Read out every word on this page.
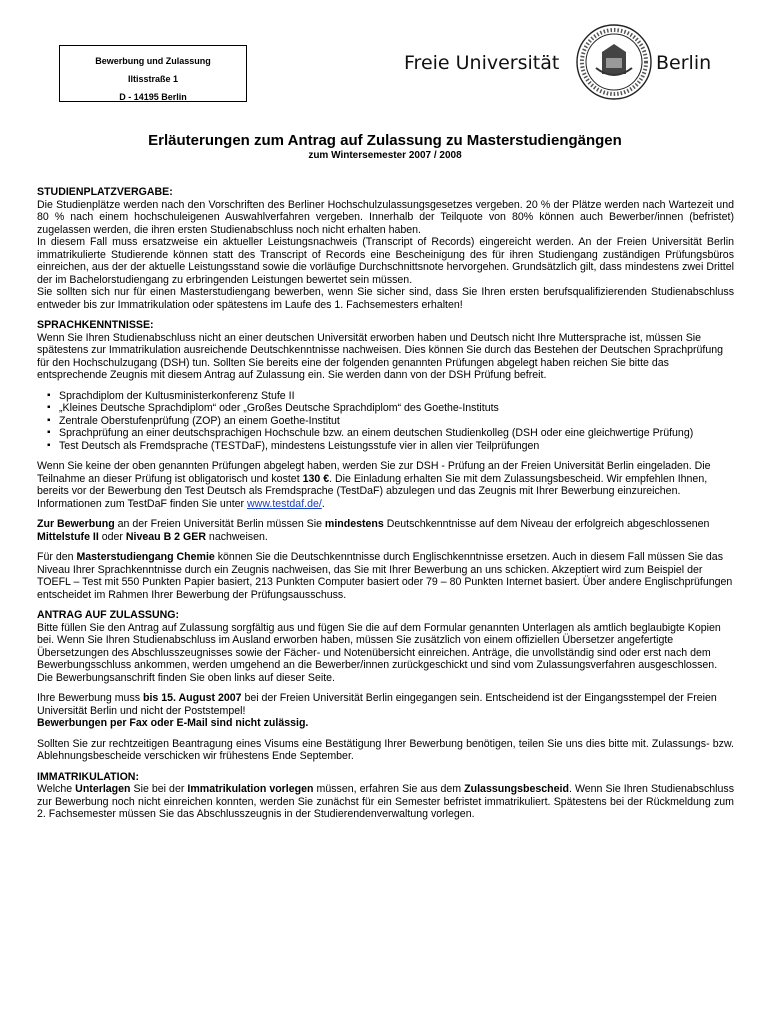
Bewerbung und Zulassung
Iltisstraße 1
D - 14195 Berlin
Freie Universität	Berlin
Erläuterungen zum Antrag auf Zulassung zu Masterstudiengängen
zum Wintersemester 2007 / 2008

STUDIENPLATZVERGABE:
Die Studienplätze werden nach den Vorschriften des Berliner Hochschulzulassungsgesetzes vergeben. 20 % der Plätze werden nach Wartezeit und 80 % nach einem hochschuleigenen Auswahlverfahren vergeben. Innerhalb der Teilquote von 80% können auch Bewerber/innen (befristet) zugelassen werden, die ihren ersten Studienabschluss noch nicht erhalten haben.
In diesem Fall muss ersatzweise ein aktueller Leistungsnachweis (Transcript of Records) eingereicht werden. An der Freien Universität Berlin immatrikulierte Studierende können statt des Transcript of Records eine Bescheinigung des für ihren Studiengang zuständigen Prüfungsbüros einreichen, aus der der aktuelle Leistungsstand sowie die vorläufige Durchschnittsnote hervorgehen. Grundsätzlich gilt, dass mindestens zwei Drittel der im Bachelorstudiengang zu erbringenden Leistungen bewertet sein müssen.
Sie sollten sich nur für einen Masterstudiengang bewerben, wenn Sie sicher sind, dass Sie Ihren ersten berufsqualifizierenden Studienabschluss entweder bis zur Immatrikulation oder spätestens im Laufe des 1. Fachsemesters erhalten!

SPRACHKENNTNISSE:
Wenn Sie Ihren Studienabschluss nicht an einer deutschen Universität erworben haben und Deutsch nicht Ihre Muttersprache ist, müssen Sie spätestens zur Immatrikulation ausreichende Deutschkenntnisse nachweisen. Dies können Sie durch das Bestehen der Deutschen Sprachprüfung für den Hochschulzugang (DSH) tun. Sollten Sie bereits eine der folgenden genannten Prüfungen abgelegt haben reichen Sie bitte das entsprechende Zeugnis mit diesem Antrag auf Zulassung ein. Sie werden dann von der DSH Prüfung befreit.

▪ Sprachdiplom der Kultusministerkonferenz Stufe II
▪ „Kleines Deutsche Sprachdiplom“ oder „Großes Deutsche Sprachdiplom“ des Goethe-Instituts
▪ Zentrale Oberstufenprüfung (ZOP) an einem Goethe-Institut
▪ Sprachprüfung an einer deutschsprachigen Hochschule bzw. an einem deutschen Studienkolleg (DSH oder eine gleichwertige Prüfung)
▪ Test Deutsch als Fremdsprache (TESTDaF), mindestens Leistungsstufe vier in allen vier Teilprüfungen

Wenn Sie keine der oben genannten Prüfungen abgelegt haben, werden Sie zur DSH - Prüfung an der Freien Universität Berlin eingeladen. Die Teilnahme an dieser Prüfung ist obligatorisch und kostet 130 €. Die Einladung erhalten Sie mit dem Zulassungsbescheid. Wir empfehlen Ihnen, bereits vor der Bewerbung den Test Deutsch als Fremdsprache (TestDaF) abzulegen und das Zeugnis mit Ihrer Bewerbung einzureichen. Informationen zum TestDaF finden Sie unter www.testdaf.de/.

Zur Bewerbung an der Freien Universität Berlin müssen Sie mindestens Deutschkenntnisse auf dem Niveau der erfolgreich abgeschlossenen Mittelstufe II oder Niveau B 2 GER nachweisen.

Für den Masterstudiengang Chemie können Sie die Deutschkenntnisse durch Englischkenntnisse ersetzen. Auch in diesem Fall müssen Sie das Niveau Ihrer Sprachkenntnisse durch ein Zeugnis nachweisen, das Sie mit Ihrer Bewerbung an uns schicken. Akzeptiert wird zum Beispiel der TOEFL – Test mit 550 Punkten Papier basiert, 213 Punkten Computer basiert oder 79 – 80 Punkten Internet basiert. Über andere Englischprüfungen entscheidet im Rahmen Ihrer Bewerbung der Prüfungsausschuss.

ANTRAG AUF ZULASSUNG:
Bitte füllen Sie den Antrag auf Zulassung sorgfältig aus und fügen Sie die auf dem Formular genannten Unterlagen als amtlich beglaubigte Kopien bei. Wenn Sie Ihren Studienabschluss im Ausland erworben haben, müssen Sie zusätzlich von einem offiziellen Übersetzer angefertigte Übersetzungen des Abschlusszeugnisses sowie der Fächer- und Notenübersicht einreichen. Anträge, die unvollständig sind oder erst nach dem Bewerbungsschluss ankommen, werden umgehend an die Bewerber/innen zurückgeschickt und sind vom Zulassungsverfahren ausgeschlossen. Die Bewerbungsanschrift finden Sie oben links auf dieser Seite.

Ihre Bewerbung muss bis 15. August 2007 bei der Freien Universität Berlin eingegangen sein. Entscheidend ist der Eingangsstempel der Freien Universität Berlin und nicht der Poststempel!
Bewerbungen per Fax oder E-Mail sind nicht zulässig.

Sollten Sie zur rechtzeitigen Beantragung eines Visums eine Bestätigung Ihrer Bewerbung benötigen, teilen Sie uns dies bitte mit. Zulassungs- bzw. Ablehnungsbescheide verschicken wir frühestens Ende September.

IMMATRIKULATION:
Welche Unterlagen Sie bei der Immatrikulation vorlegen müssen, erfahren Sie aus dem Zulassungsbescheid. Wenn Sie Ihren Studienabschluss zur Bewerbung noch nicht einreichen konnten, werden Sie zunächst für ein Semester befristet immatrikuliert. Spätestens bei der Rückmeldung zum 2. Fachsemester müssen Sie das Abschlusszeugnis in der Studierendenverwaltung vorlegen.
